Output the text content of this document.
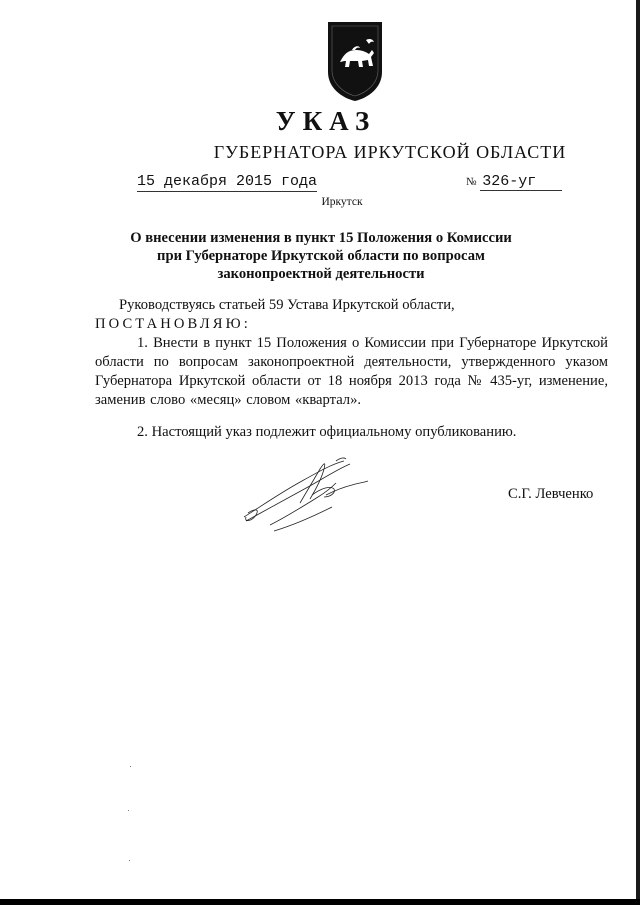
УКАЗ
ГУБЕРНАТОРА ИРКУТСКОЙ ОБЛАСТИ
15 декабря 2015 года	№ 326-уг
Иркутск
О внесении изменения в пункт 15 Положения о Комиссии при Губернаторе Иркутской области по вопросам законопроектной деятельности
Руководствуясь статьей 59 Устава Иркутской области,
ПОСТАНОВЛЯЮ:
1. Внести в пункт 15 Положения о Комиссии при Губернаторе Иркутской области по вопросам законопроектной деятельности, утвержденного указом Губернатора Иркутской области от 18 ноября 2013 года № 435-уг, изменение, заменив слово «месяц» словом «квартал».
2. Настоящий указ подлежит официальному опубликованию.
С.Г. Левченко
